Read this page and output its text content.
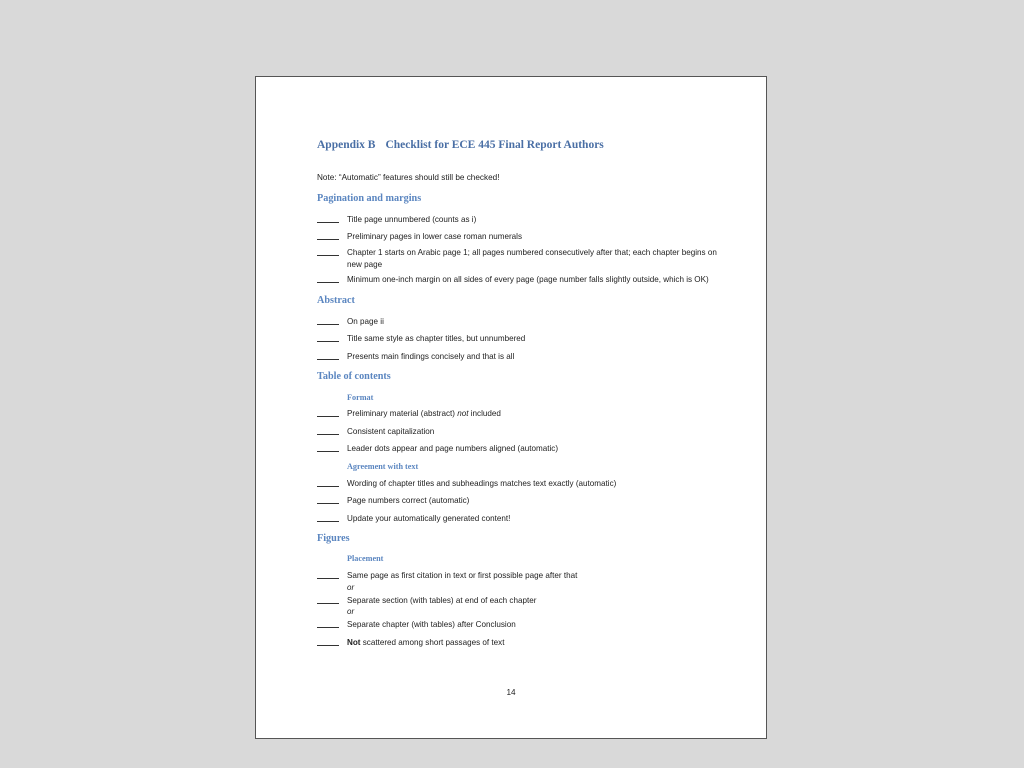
Appendix B Checklist for ECE 445 Final Report Authors
Note: “Automatic” features should still be checked!
Pagination and margins
Title page unnumbered (counts as i)
Preliminary pages in lower case roman numerals
Chapter 1 starts on Arabic page 1; all pages numbered consecutively after that; each chapter begins on new page
Minimum one-inch margin on all sides of every page (page number falls slightly outside, which is OK)
Abstract
On page ii
Title same style as chapter titles, but unnumbered
Presents main findings concisely and that is all
Table of contents
Format
Preliminary material (abstract) not included
Consistent capitalization
Leader dots appear and page numbers aligned (automatic)
Agreement with text
Wording of chapter titles and subheadings matches text exactly (automatic)
Page numbers correct (automatic)
Update your automatically generated content!
Figures
Placement
Same page as first citation in text or first possible page after that
or
Separate section (with tables) at end of each chapter
or
Separate chapter (with tables) after Conclusion
Not scattered among short passages of text
14
